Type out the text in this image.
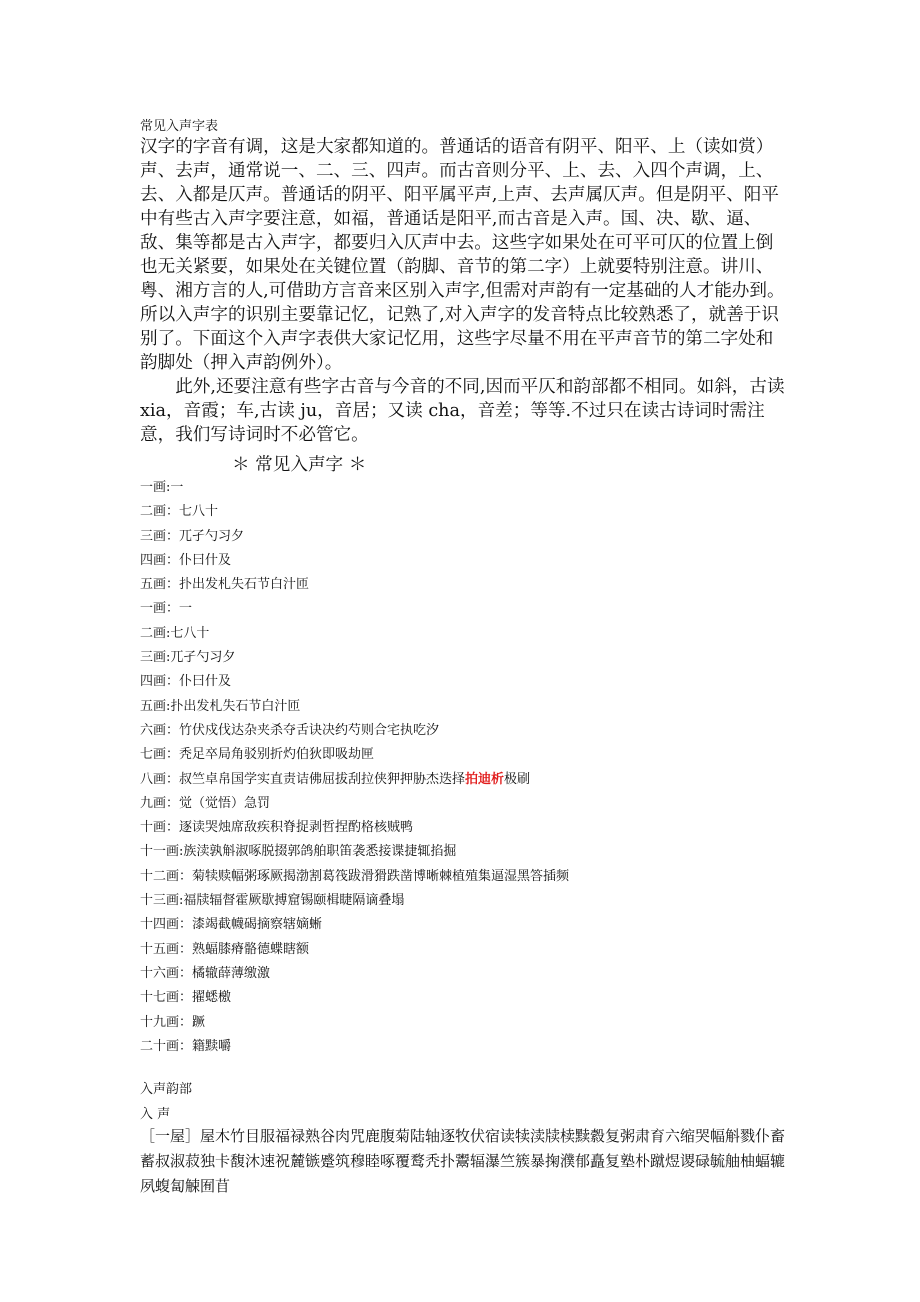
常见入声字表

汉字的字音有调，这是大家都知道的。普通话的语音有阴平、阳平、上（读如赏）声、去声，通常说一、二、三、四声。而古音则分平、上、去、入四个声调，上、去、入都是仄声。普通话的阴平、阳平属平声,上声、去声属仄声。但是阴平、阳平中有些古入声字要注意，如福，普通话是阳平,而古音是入声。国、决、歇、逼、敌、集等都是古入声字，都要归入仄声中去。这些字如果处在可平可仄的位置上倒也无关紧要，如果处在关键位置（韵脚、音节的第二字）上就要特别注意。讲川、粤、湘方言的人,可借助方言音来区别入声字,但需对声韵有一定基础的人才能办到。所以入声字的识别主要靠记忆，记熟了,对入声字的发音特点比较熟悉了，就善于识别了。下面这个入声字表供大家记忆用，这些字尽量不用在平声音节的第二字处和韵脚处（押入声韵例外）。

此外,还要注意有些字古音与今音的不同,因而平仄和韵部都不相同。如斜，古读 xia，音霞；车,古读 ju，音居；又读 cha，音差；等等.不过只在读古诗词时需注意，我们写诗词时不必管它。

＊ 常见入声字 ＊
一画:一
二画：七八十
三画：兀孑勺习夕
四画：仆曰什及
五画：扑出发札失石节白汁匝
一画：一
二画:七八十
三画:兀孑勺习夕
四画：仆曰什及
五画:扑出发札失石节白汁匝
六画：竹伏戍伐达杂夹杀夺舌诀决约芍则合宅执吃汐
七画：秃足卒局角驳别折灼伯狄即吸劫匣
八画：叔竺卓帛国学实直责诘佛屈拔刮拉侠狎押胁杰迭择拍迪析极刷
九画：觉（觉悟）急罚
十画：逐读哭烛席敌疾积脊捉剥哲捏酌格核贼鸭
十一画:族渎孰斛淑啄脱掇郭鸽舶职笛袭悉接谍捷辄掐掘
十二画：菊犊赎幅粥琢厥揭渤割葛筏跋滑猾跌凿博晰棘植殖集逼湿黑答插频
十三画:福牍辐督霍厥歇搏窟锡颐楫睫隔谪叠塌
十四画：漆竭截幭碣摘察辖嫡蜥
十五画：熟蝠膝瘠骼德蝶瞎额
十六画：橘辙薛薄缴激
十七画：擢蟋檄
十九画：蹶
二十画：籍黩嚼
入声韵部
入 声
［一屋］屋木竹目服福禄熟谷肉咒鹿腹菊陆轴逐牧伏宿读犊渎牍椟黩縠复粥肃育六缩哭幅斛戮仆畜蓄叔淑菽独卡馥沐速祝麓镞蹙筑穆睦啄覆鹜秃扑鬻辐瀑竺簇暴掬濮郁矗复塾朴蹴煜谡碌毓舳柚蝠辘夙蝮匐觫囿苜
